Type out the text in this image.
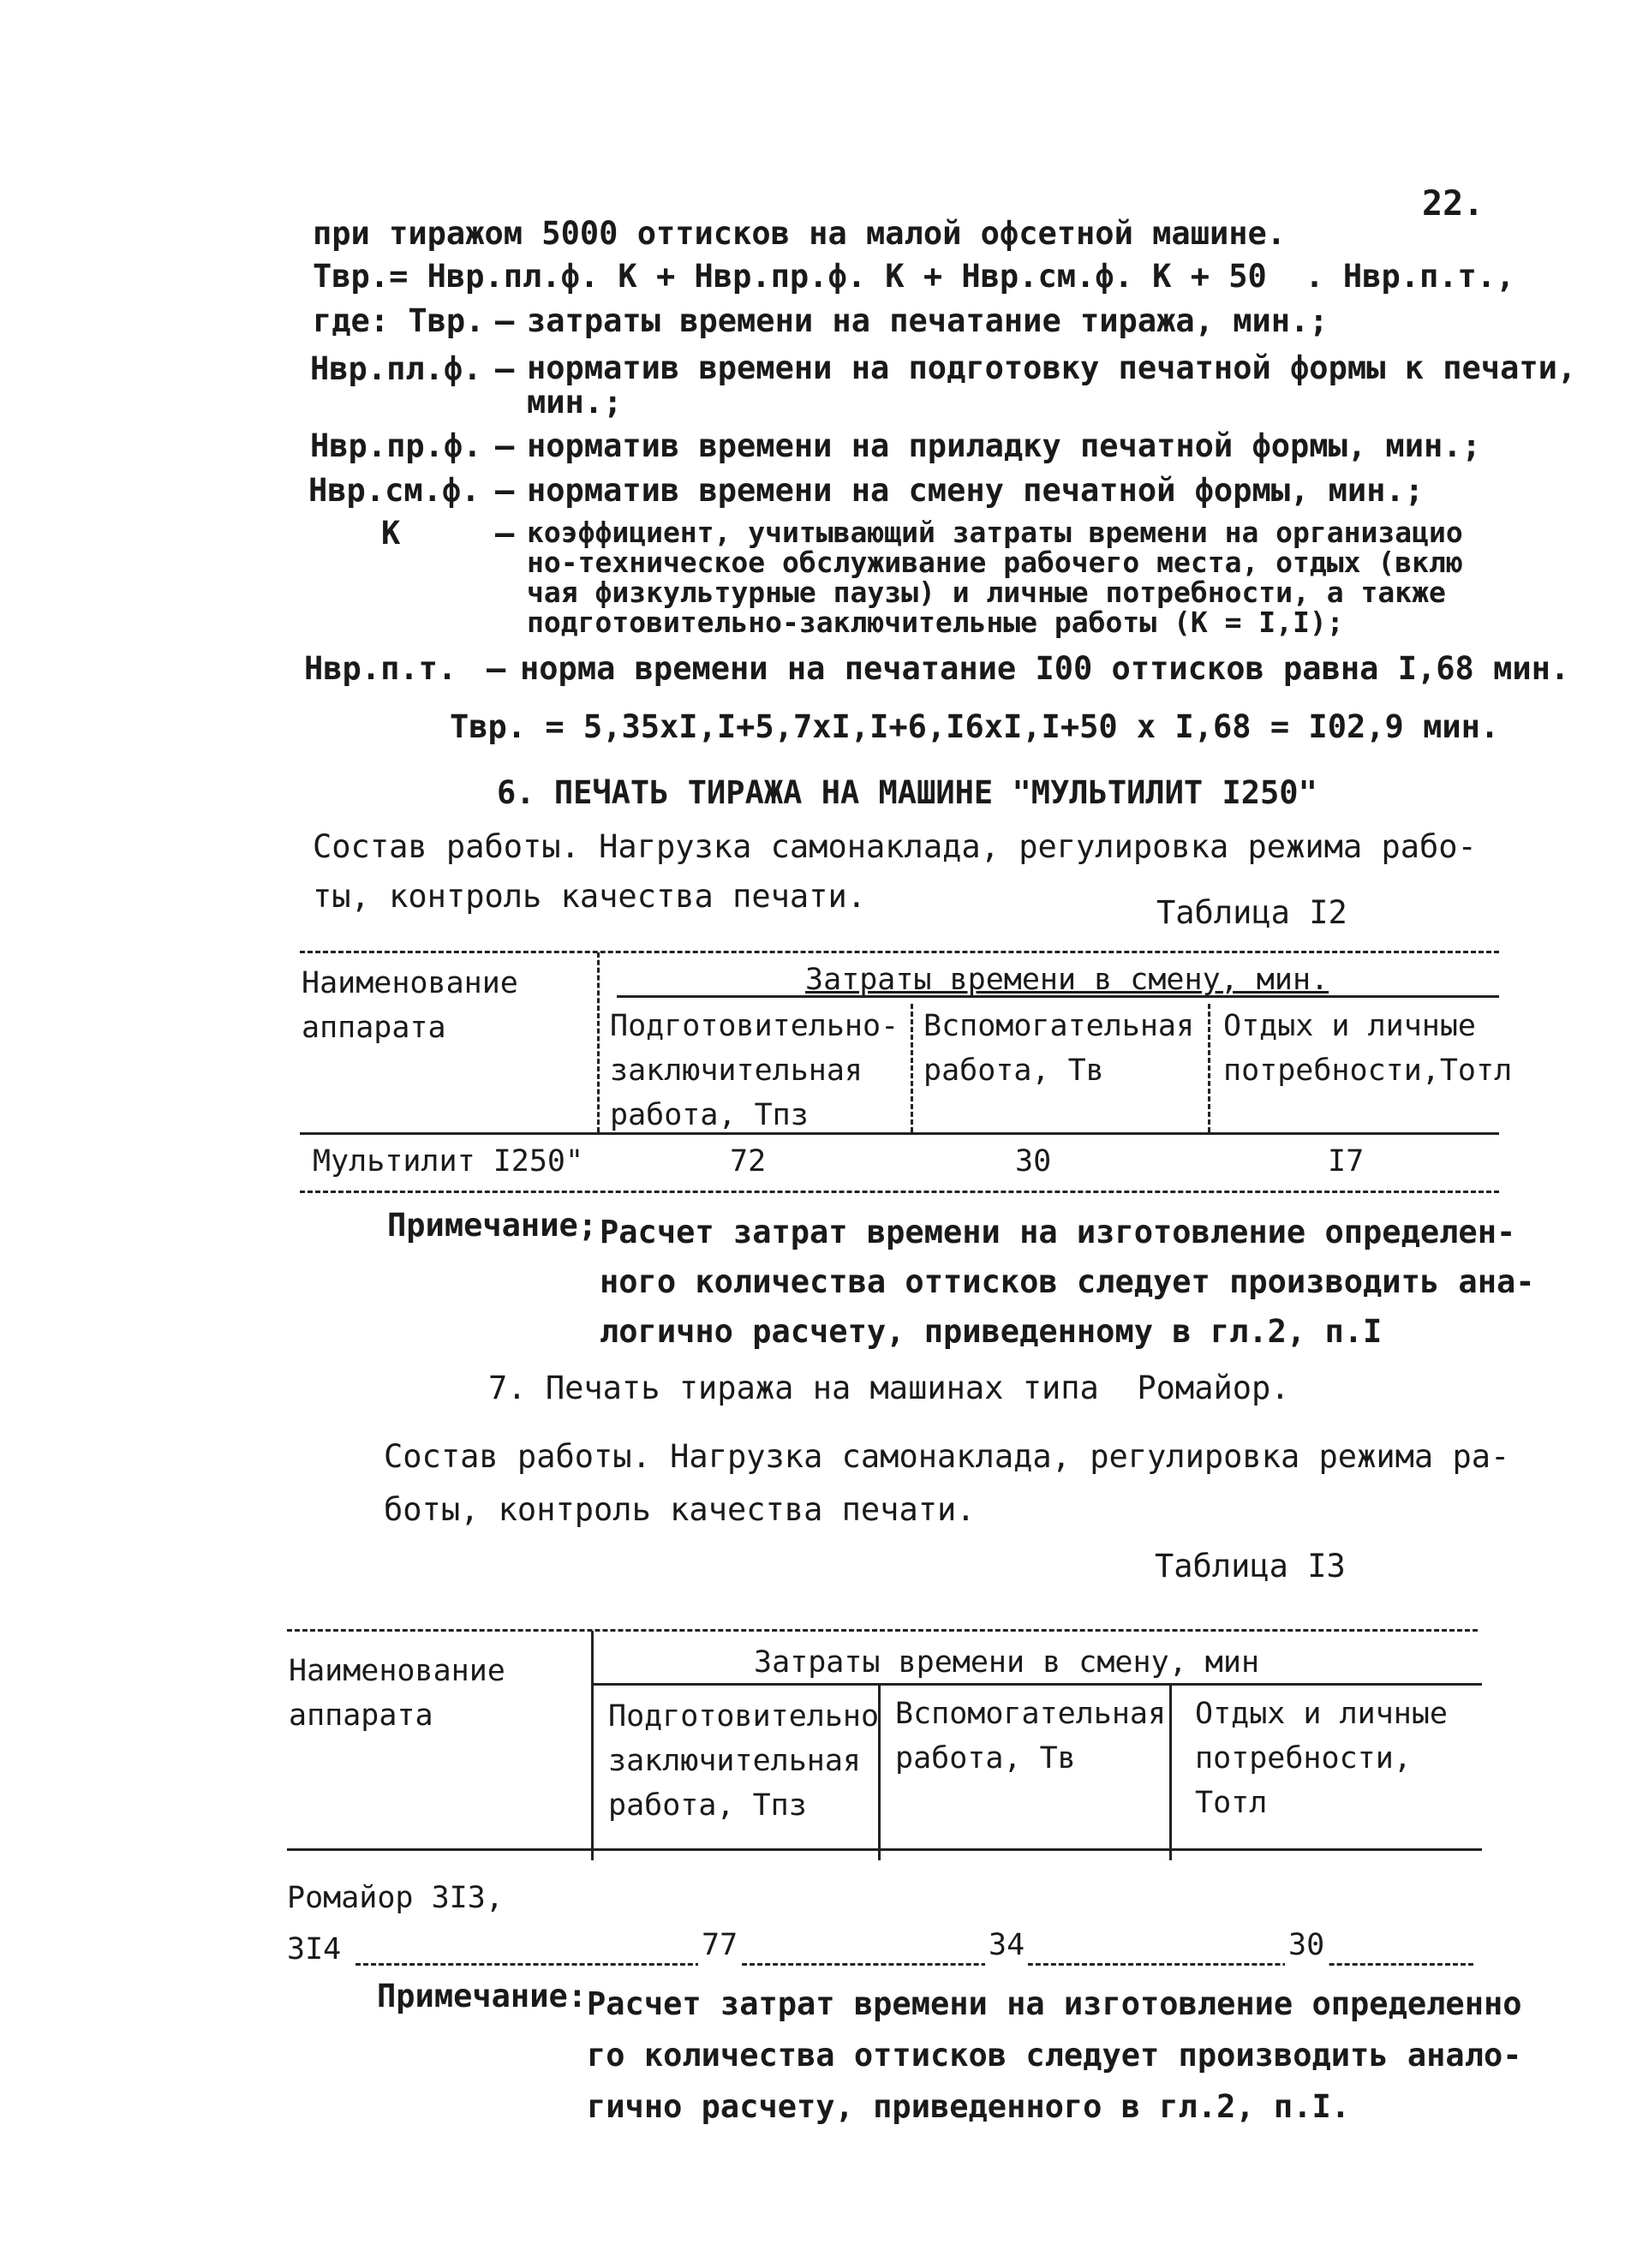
22.
при тиражом 5000 оттисков на малой офсетной машине.
Твр.= Нвр.пл.ф. К + Нвр.пр.ф. К + Нвр.см.ф. К + 50  . Нвр.п.т.,
где: Твр. – затраты времени на печатание тиража, мин.;
Нвр.пл.ф. – норматив времени на подготовку печатной формы к печати,
мин.;
Нвр.пр.ф. – норматив времени на приладку печатной формы, мин.;
Нвр.см.ф. – норматив времени на смену печатной формы, мин.;
К	– коэффициент, учитывающий затраты времени на организацио
но-техническое обслуживание рабочего места, отдых (вклю
чая физкультурные паузы) и личные потребности, а также
подготовительно-заключительные работы (К = I,I);
Нвр.п.т. – норма времени на печатание I00 оттисков равна I,68 мин.
Твр. = 5,35хI,I+5,7хI,I+6,I6хI,I+50 х I,68 = I02,9 мин.
6. ПЕЧАТЬ ТИРАЖА НА МАШИНЕ "МУЛЬТИЛИТ I250"
Состав работы. Нагрузка самонаклада, регулировка режима рабо-
ты, контроль качества печати.	Таблица I2
Наименование
аппарата
Затраты времени в смену, мин.
Подготовительно-
заключительная
работа, Тпз
Вспомогательная
работа, Тв
Отдых и личные
потребности,Тотл
Мультилит I250"	72	30	I7
Примечание; Расчет затрат времени на изготовление определен-
ного количества оттисков следует производить ана-
логично расчету, приведенному в гл.2, п.I
7. Печать тиража на машинах типа  Ромайор.
Состав работы. Нагрузка самонаклада, регулировка режима ра-
боты, контроль качества печати.
Таблица I3
Наименование
аппарата
Затраты времени в смену, мин
Подготовительно
заключительная
работа, Тпз
Вспомогательная
работа, Тв
Отдых и личные
потребности,
Тотл
Ромайор 3I3,
3I4	77	34	30
Примечание: Расчет затрат времени на изготовление определенно
го количества оттисков следует производить анало-
гично расчету, приведенного в гл.2, п.I.
